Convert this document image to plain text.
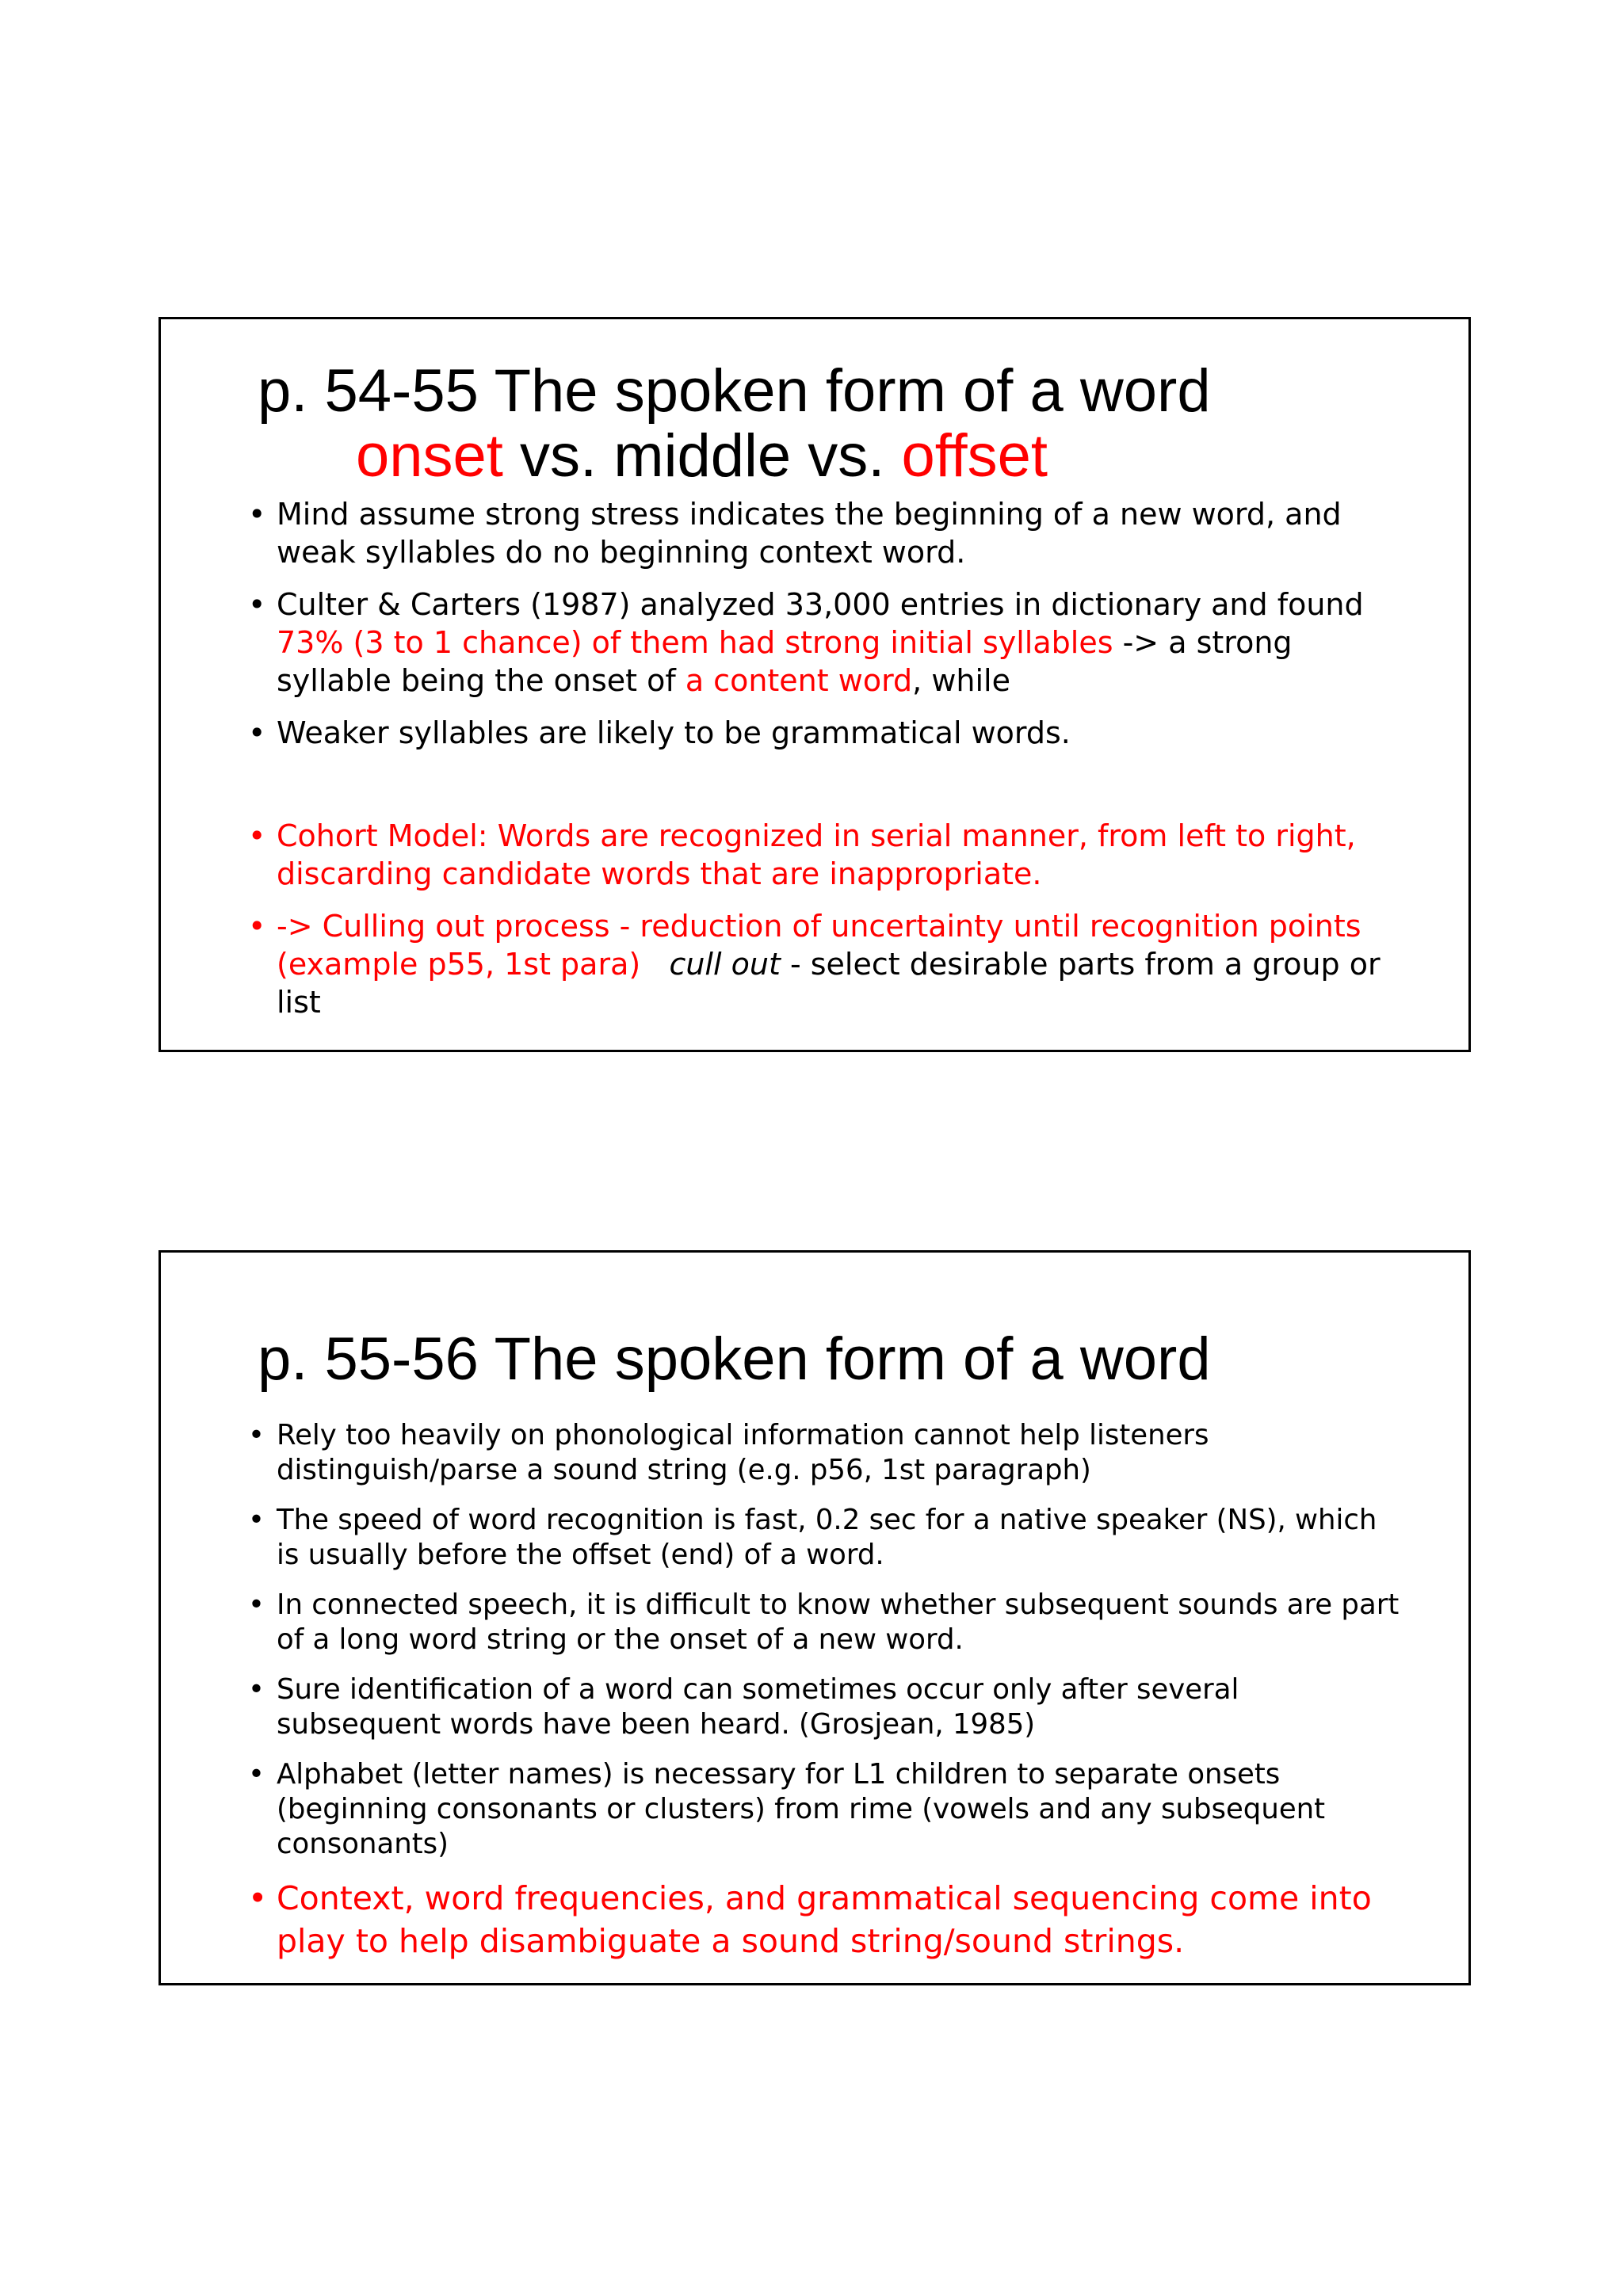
p. 54-55 The spoken form of a word
onset vs. middle vs. offset
• Mind assume strong stress indicates the beginning of a new word, and weak syllables do no beginning context word.
• Culter & Carters (1987) analyzed 33,000 entries in dictionary and found 73% (3 to 1 chance) of them had strong initial syllables -> a strong syllable being the onset of a content word, while
• Weaker syllables are likely to be grammatical words.
• Cohort Model: Words are recognized in serial manner, from left to right, discarding candidate words that are inappropriate.
• -> Culling out process - reduction of uncertainty until recognition points (example p55, 1st para) cull out - select desirable parts from a group or list
p. 55-56 The spoken form of a word
• Rely too heavily on phonological information cannot help listeners distinguish/parse a sound string (e.g. p56, 1st paragraph)
• The speed of word recognition is fast, 0.2 sec for a native speaker (NS), which is usually before the offset (end) of a word.
• In connected speech, it is difficult to know whether subsequent sounds are part of a long word string or the onset of a new word.
• Sure identification of a word can sometimes occur only after several subsequent words have been heard. (Grosjean, 1985)
• Alphabet (letter names) is necessary for L1 children to separate onsets (beginning consonants or clusters) from rime (vowels and any subsequent consonants)
• Context, word frequencies, and grammatical sequencing come into play to help disambiguate a sound string/sound strings.
